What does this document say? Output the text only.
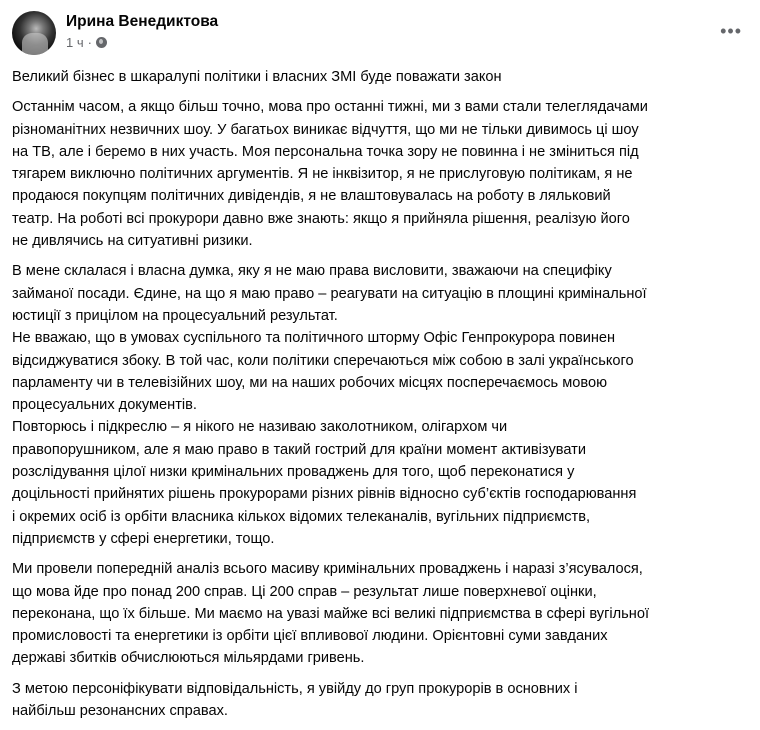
Ирина Венедиктова
1 ч ·
•••
Великий бізнес в шкаралупі політики і власних ЗМІ буде поважати закон
Останнім часом, а якщо більш точно, мова про останні тижні, ми з вами стали телеглядачами
різноманітних незвичних шоу. У багатьох виникає відчуття, що ми не тільки дивимось ці шоу
на ТВ, але і беремо в них участь. Моя персональна точка зору не повинна і не зміниться під
тягарем виключно політичних аргументів. Я не інквізитор, я не прислуговую політикам, я не
продаюся покупцям політичних дивідендів, я не влаштовувалась на роботу в ляльковий
театр. На роботі всі прокурори давно вже знають: якщо я прийняла рішення, реалізую його
не дивлячись на ситуативні ризики.
В мене склалася і власна думка, яку я не маю права висловити, зважаючи на специфіку
займаної посади. Єдине, на що я маю право – реагувати на ситуацію в площині кримінальної
юстиції з прицілом на процесуальний результат.
Не вважаю, що в умовах суспільного та політичного шторму Офіс Генпрокурора повинен
відсиджуватися збоку. В той час, коли політики сперечаються між собою в залі українського
парламенту чи в телевізійних шоу, ми на наших робочих місцях посперечаємось мовою
процесуальних документів.
Повторюсь і підкреслю – я нікого не називаю заколотником, олігархом чи
правопорушником, але я маю право в такий гострий для країни момент активізувати
розслідування цілої низки кримінальних проваджень для того, щоб переконатися у
доцільності прийнятих рішень прокурорами різних рівнів відносно суб’єктів господарювання
і окремих осіб із орбіти власника кількох відомих телеканалів, вугільних підприємств,
підприємств у сфері енергетики, тощо.
Ми провели попередній аналіз всього масиву кримінальних проваджень і наразі з’ясувалося,
що мова йде про понад 200 справ. Ці 200 справ – результат лише поверхневої оцінки,
переконана, що їх більше. Ми маємо на увазі майже всі великі підприємства в сфері вугільної
промисловості та енергетики із орбіти цієї впливової людини. Орієнтовні суми завданих
державі збитків обчислюються мільярдами гривень.
З метою персоніфікувати відповідальність, я увійду до груп прокурорів в основних і
найбільш резонансних справах.
